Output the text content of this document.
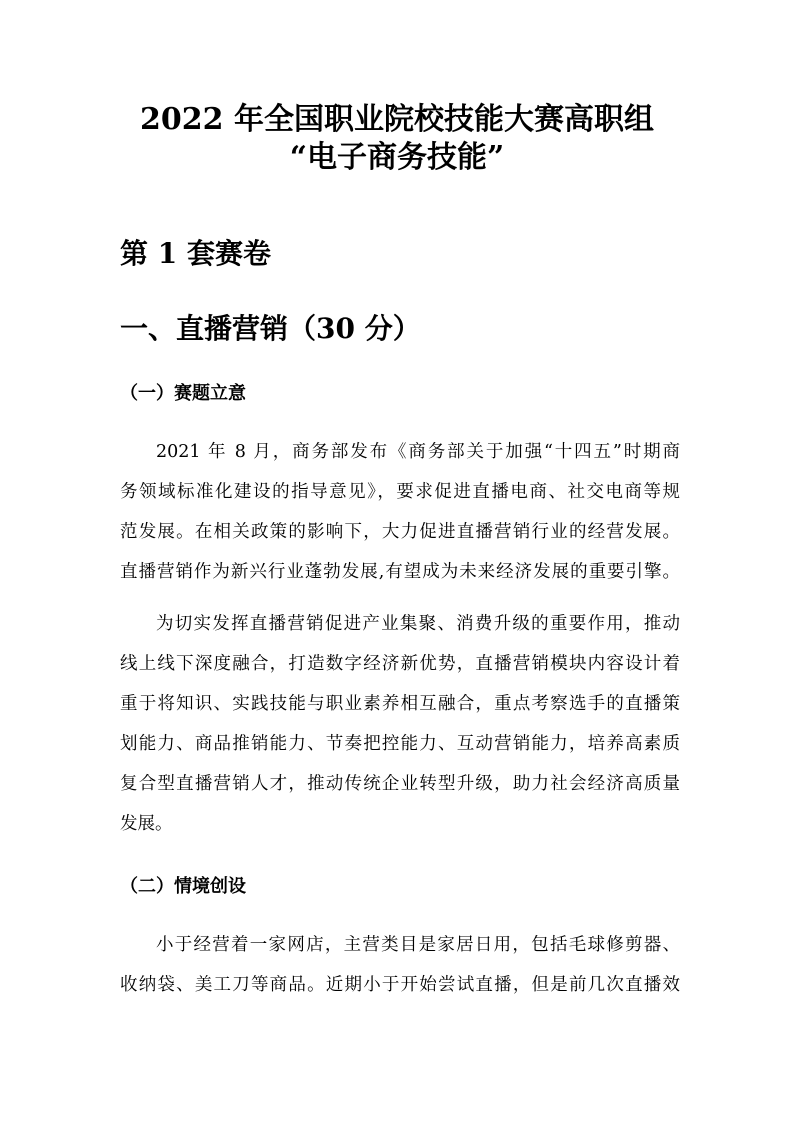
2022 年全国职业院校技能大赛高职组
“电子商务技能”
第 1 套赛卷
一、直播营销（30 分）
（一）赛题立意

2021 年 8 月，商务部发布《商务部关于加强“十四五”时期商
务领域标准化建设的指导意见》，要求促进直播电商、社交电商等规
范发展。在相关政策的影响下，大力促进直播营销行业的经营发展。
直播营销作为新兴行业蓬勃发展,有望成为未来经济发展的重要引擎。

为切实发挥直播营销促进产业集聚、消费升级的重要作用，推动
线上线下深度融合，打造数字经济新优势，直播营销模块内容设计着
重于将知识、实践技能与职业素养相互融合，重点考察选手的直播策
划能力、商品推销能力、节奏把控能力、互动营销能力，培养高素质
复合型直播营销人才，推动传统企业转型升级，助力社会经济高质量
发展。

（二）情境创设

小于经营着一家网店，主营类目是家居日用，包括毛球修剪器、
收纳袋、美工刀等商品。近期小于开始尝试直播，但是前几次直播效
